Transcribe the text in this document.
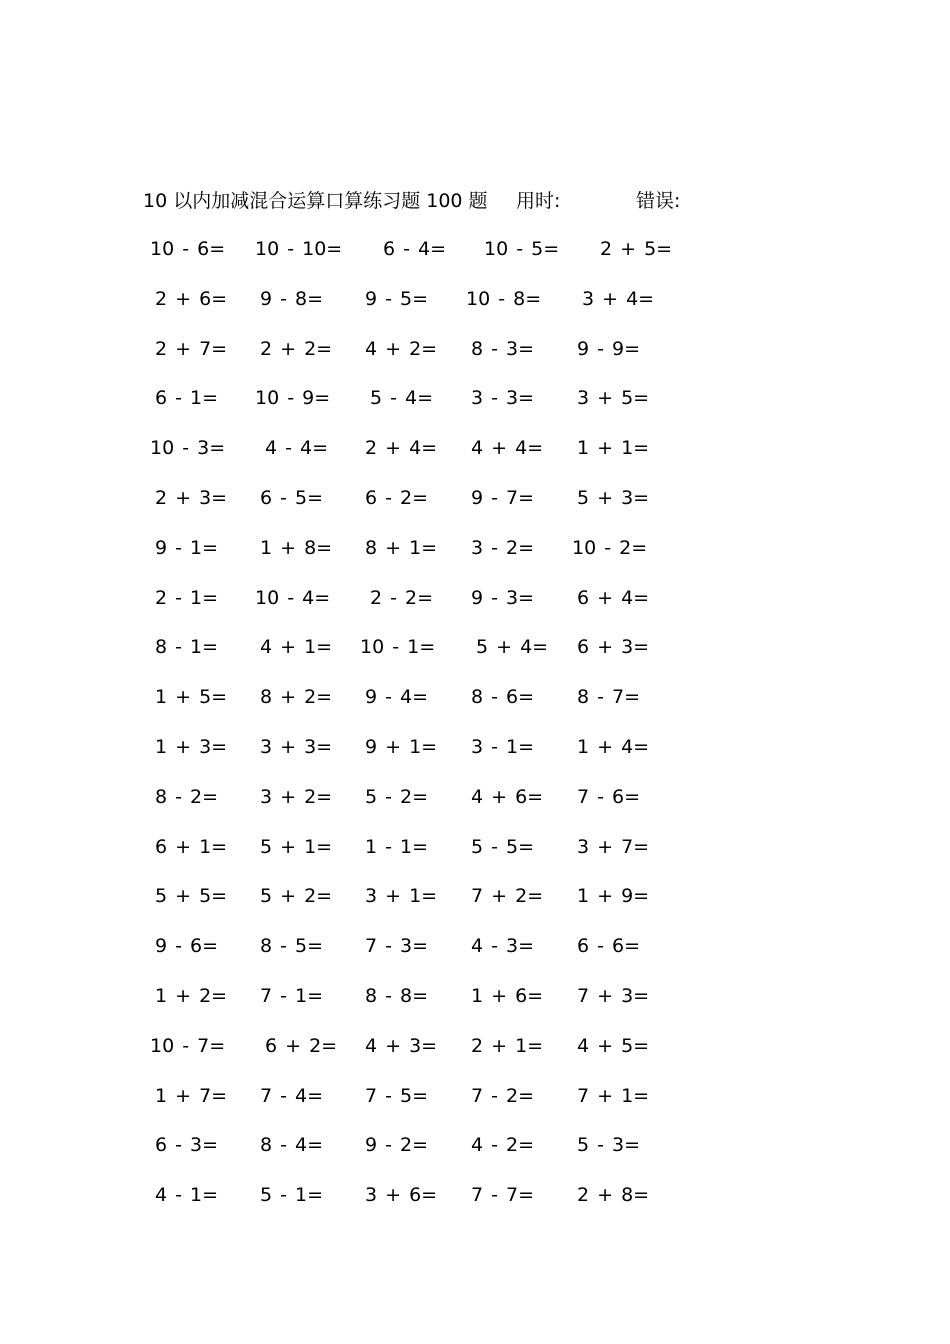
10 以内加减混合运算口算练习题 100 题 用时:	错误:
10 - 6= 10 - 10= 6 - 4= 10 - 5= 2 + 5=
2 + 6= 9 - 8= 9 - 5= 10 - 8= 3 + 4=
2 + 7= 2 + 2= 4 + 2= 8 - 3= 9 - 9=
6 - 1= 10 - 9= 5 - 4= 3 - 3= 3 + 5=
10 - 3= 4 - 4= 2 + 4= 4 + 4= 1 + 1=
2 + 3= 6 - 5= 6 - 2= 9 - 7= 5 + 3=
9 - 1= 1 + 8= 8 + 1= 3 - 2= 10 - 2=
2 - 1= 10 - 4= 2 - 2= 9 - 3= 6 + 4=
8 - 1= 4 + 1= 10 - 1= 5 + 4= 6 + 3=
1 + 5= 8 + 2= 9 - 4= 8 - 6= 8 - 7=
1 + 3= 3 + 3= 9 + 1= 3 - 1= 1 + 4=
8 - 2= 3 + 2= 5 - 2= 4 + 6= 7 - 6=
6 + 1= 5 + 1= 1 - 1= 5 - 5= 3 + 7=
5 + 5= 5 + 2= 3 + 1= 7 + 2= 1 + 9=
9 - 6= 8 - 5= 7 - 3= 4 - 3= 6 - 6=
1 + 2= 7 - 1= 8 - 8= 1 + 6= 7 + 3=
10 - 7= 6 + 2= 4 + 3= 2 + 1= 4 + 5=
1 + 7= 7 - 4= 7 - 5= 7 - 2= 7 + 1=
6 - 3= 8 - 4= 9 - 2= 4 - 2= 5 - 3=
4 - 1= 5 - 1= 3 + 6= 7 - 7= 2 + 8=
